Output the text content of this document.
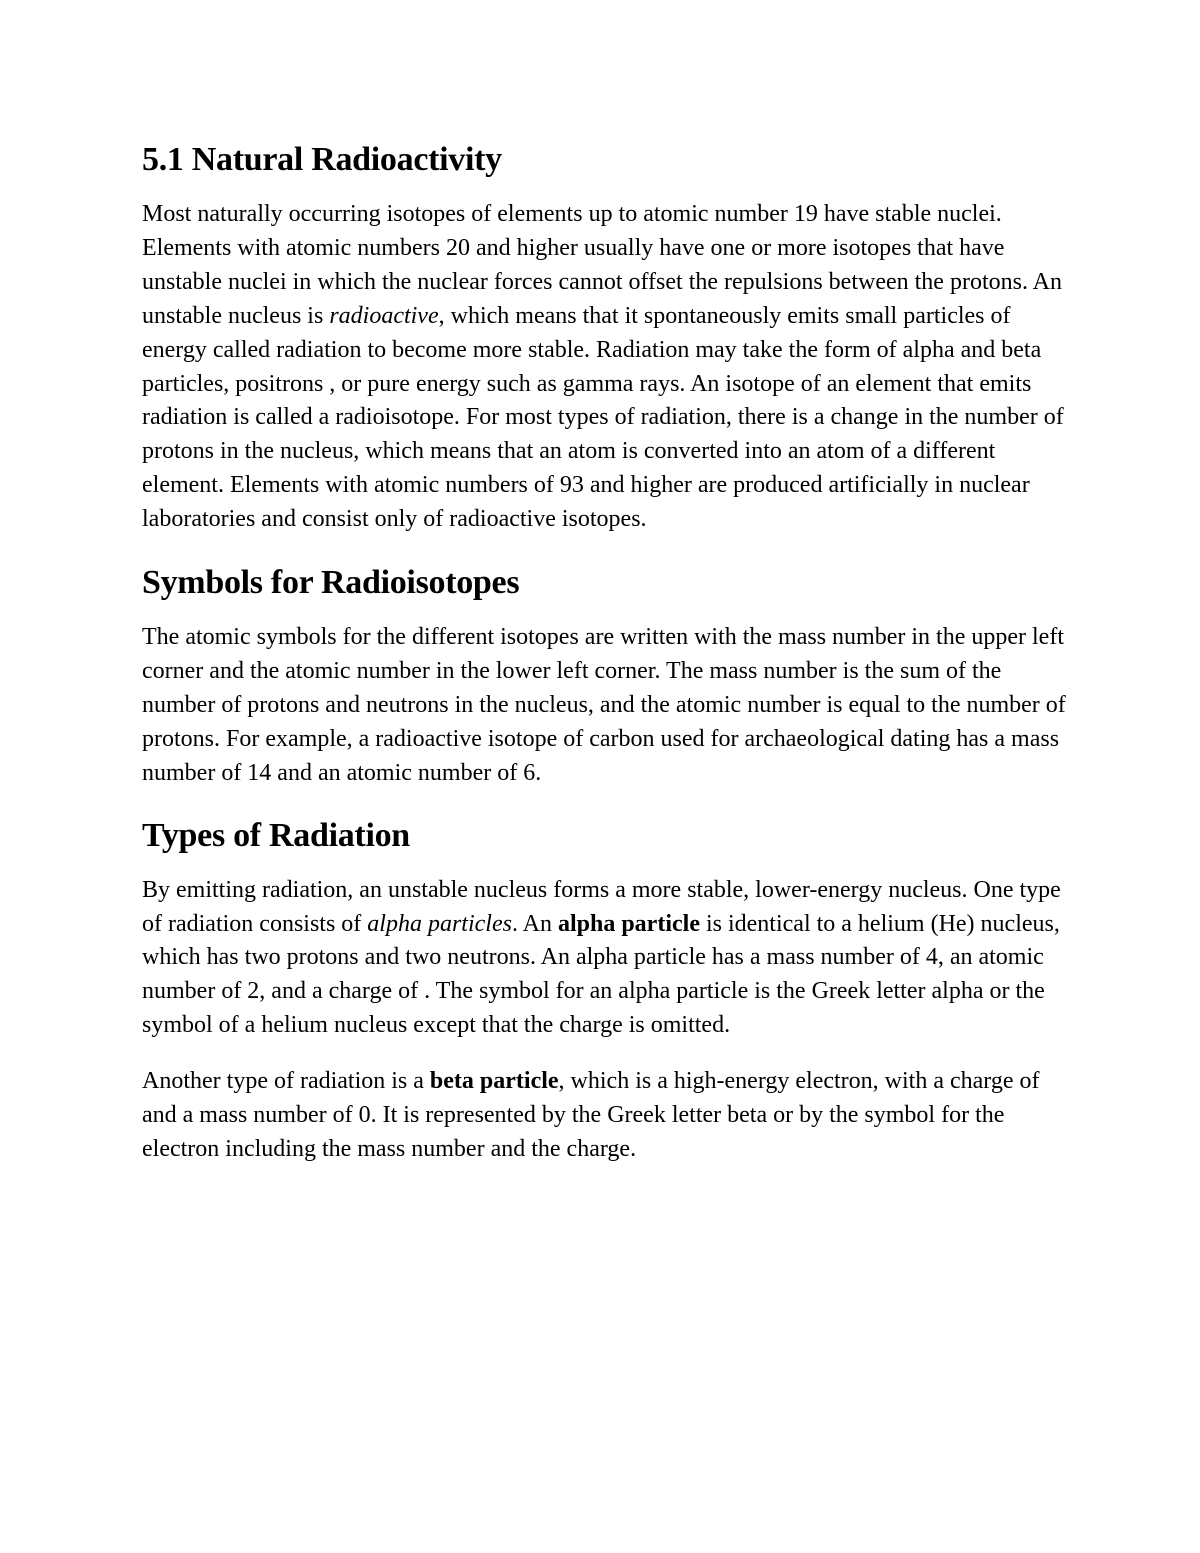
5.1 Natural Radioactivity

Most naturally occurring isotopes of elements up to atomic number 19 have stable nuclei. Elements with atomic numbers 20 and higher usually have one or more isotopes that have unstable nuclei in which the nuclear forces cannot offset the repulsions between the protons. An unstable nucleus is radioactive, which means that it spontaneously emits small particles of energy called radiation to become more stable. Radiation may take the form of alpha and beta particles, positrons , or pure energy such as gamma rays. An isotope of an element that emits radiation is called a radioisotope. For most types of radiation, there is a change in the number of protons in the nucleus, which means that an atom is converted into an atom of a different element. Elements with atomic numbers of 93 and higher are produced artificially in nuclear laboratories and consist only of radioactive isotopes.

Symbols for Radioisotopes

The atomic symbols for the different isotopes are written with the mass number in the upper left corner and the atomic number in the lower left corner. The mass number is the sum of the number of protons and neutrons in the nucleus, and the atomic number is equal to the number of protons. For example, a radioactive isotope of carbon used for archaeological dating has a mass number of 14 and an atomic number of 6.

Types of Radiation

By emitting radiation, an unstable nucleus forms a more stable, lower-energy nucleus. One type of radiation consists of alpha particles. An alpha particle is identical to a helium (He) nucleus, which has two protons and two neutrons. An alpha particle has a mass number of 4, an atomic number of 2, and a charge of . The symbol for an alpha particle is the Greek letter alpha or the symbol of a helium nucleus except that the charge is omitted.

Another type of radiation is a beta particle, which is a high-energy electron, with a charge of and a mass number of 0. It is represented by the Greek letter beta or by the symbol for the electron including the mass number and the charge.
